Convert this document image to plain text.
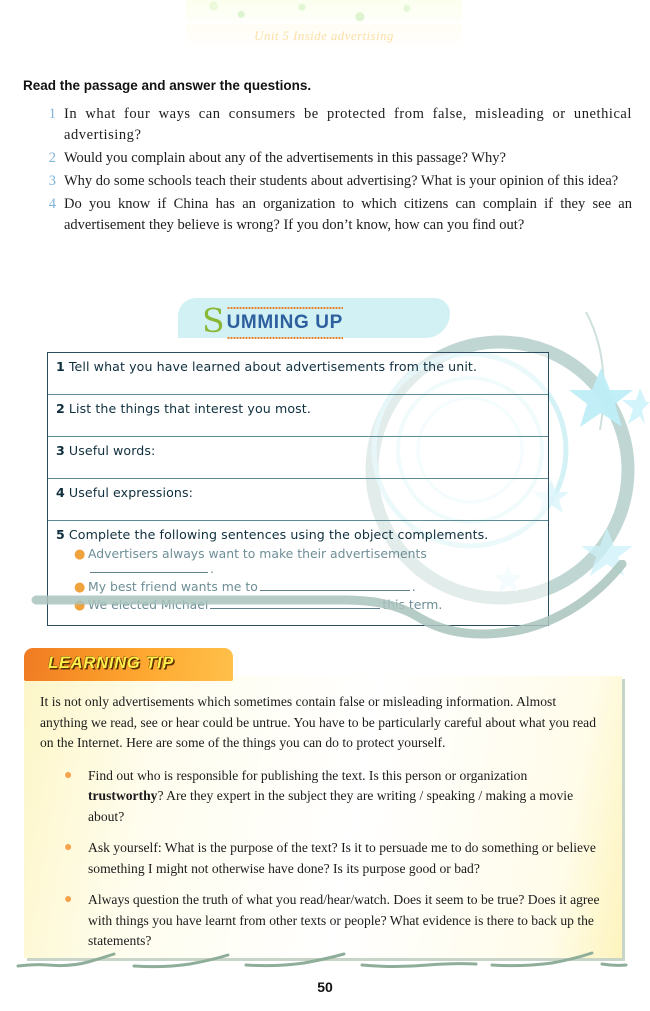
Unit 5 Inside advertising
Read the passage and answer the questions.
1 In what four ways can consumers be protected from false, misleading or unethical advertising?
2 Would you complain about any of the advertisements in this passage? Why?
3 Why do some schools teach their students about advertising? What is your opinion of this idea?
4 Do you know if China has an organization to which citizens can complain if they see an advertisement they believe is wrong? If you don’t know, how can you find out?
S UMMING UP
1 Tell what you have learned about advertisements from the unit.
2 List the things that interest you most.
3 Useful words:
4 Useful expressions:
5 Complete the following sentences using the object complements.
● Advertisers always want to make their advertisements.
● My best friend wants me to	.
● We elected Michael	this term.
LEARNING TIP
It is not only advertisements which sometimes contain false or misleading information. Almost anything we read, see or hear could be untrue. You have to be particularly careful about what you read on the Internet. Here are some of the things you can do to protect yourself.
●	Find out who is responsible for publishing the text. Is this person or organization trustworthy? Are they expert in the subject they are writing / speaking / making a movie about?
●	Ask yourself: What is the purpose of the text? Is it to persuade me to do something or believe something I might not otherwise have done? Is its purpose good or bad?
●	Always question the truth of what you read/hear/watch. Does it seem to be true? Does it agree with things you have learnt from other texts or people? What evidence is there to back up the statements?
50
